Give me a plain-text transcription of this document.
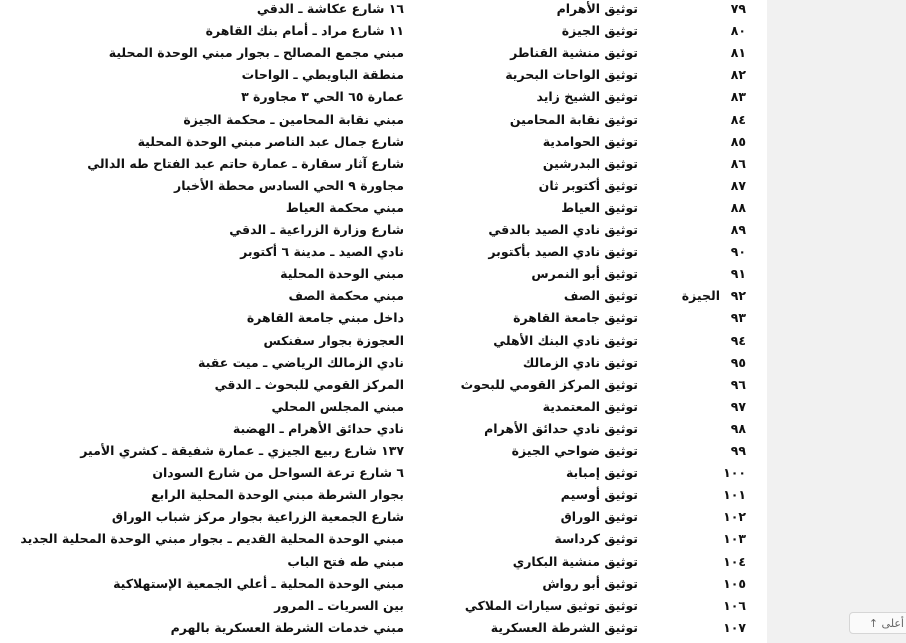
٧٩
توثيق الأهرام
١٦ شارع عكاشة ـ الدقي
٨٠
توثيق الجيزة
١١ شارع مراد ـ أمام بنك القاهرة
٨١
توثيق منشية القناطر
مبني مجمع المصالح ـ بجوار مبني الوحدة المحلية
٨٢
توثيق الواحات البحرية
منطقة الباويطي ـ الواحات
٨٣
توثيق الشيخ زايد
عمارة ٦٥ الحي ٣ مجاورة ٣
٨٤
توثيق نقابة المحامين
مبني نقابة المحامين ـ محكمة الجيزة
٨٥
توثيق الحوامدية
شارع جمال عبد الناصر مبني الوحدة المحلية
٨٦
توثيق البدرشين
شارع آثار سقارة ـ عمارة حاتم عبد الفتاح طه الدالي
٨٧
توثيق أكتوبر ثان
مجاورة ٩ الحي السادس محطة الأخبار
٨٨
توثيق العياط
مبني محكمة العياط
٨٩
توثيق نادي الصيد بالدقي
شارع وزارة الزراعية ـ الدقي
٩٠
توثيق نادي الصيد بأكتوبر
نادي الصيد ـ مدينة ٦ أكتوبر
٩١
توثيق أبو النمرس
مبني الوحدة المحلية
٩٢
الجيزة
توثيق الصف
مبني محكمة الصف
٩٣
توثيق جامعة القاهرة
داخل مبني جامعة القاهرة
٩٤
توثيق نادي البنك الأهلي
العجوزة بجوار سفنكس
٩٥
توثيق نادي الزمالك
نادي الزمالك الرياضي ـ ميت عقبة
٩٦
توثيق المركز القومي للبحوث
المركز القومي للبحوث ـ الدقي
٩٧
توثيق المعتمدية
مبني المجلس المحلي
٩٨
توثيق نادي حدائق الأهرام
نادي حدائق الأهرام ـ الهضبة
٩٩
توثيق ضواحي الجيزة
١٣٧ شارع ربيع الجيزي ـ عمارة شفيقة ـ كشري الأمير
١٠٠
توثيق إمبابة
٦ شارع ترعة السواحل من شارع السودان
١٠١
توثيق أوسيم
بجوار الشرطة مبني الوحدة المحلية الرابع
١٠٢
توثيق الوراق
شارع الجمعية الزراعية بجوار مركز شباب الوراق
١٠٣
توثيق كرداسة
مبني الوحدة المحلية القديم ـ بجوار مبني الوحدة المحلية الجديد
١٠٤
توثيق منشية البكاري
مبني طه فتح الباب
١٠٥
توثيق أبو رواش
مبني الوحدة المحلية ـ أعلي الجمعية الإستهلاكية
١٠٦
توثيق توثيق سيارات الملاكي
بين السريات ـ المرور
١٠٧
توثيق الشرطة العسكرية
مبني خدمات الشرطة العسكرية بالهرم	أعلى ↑
